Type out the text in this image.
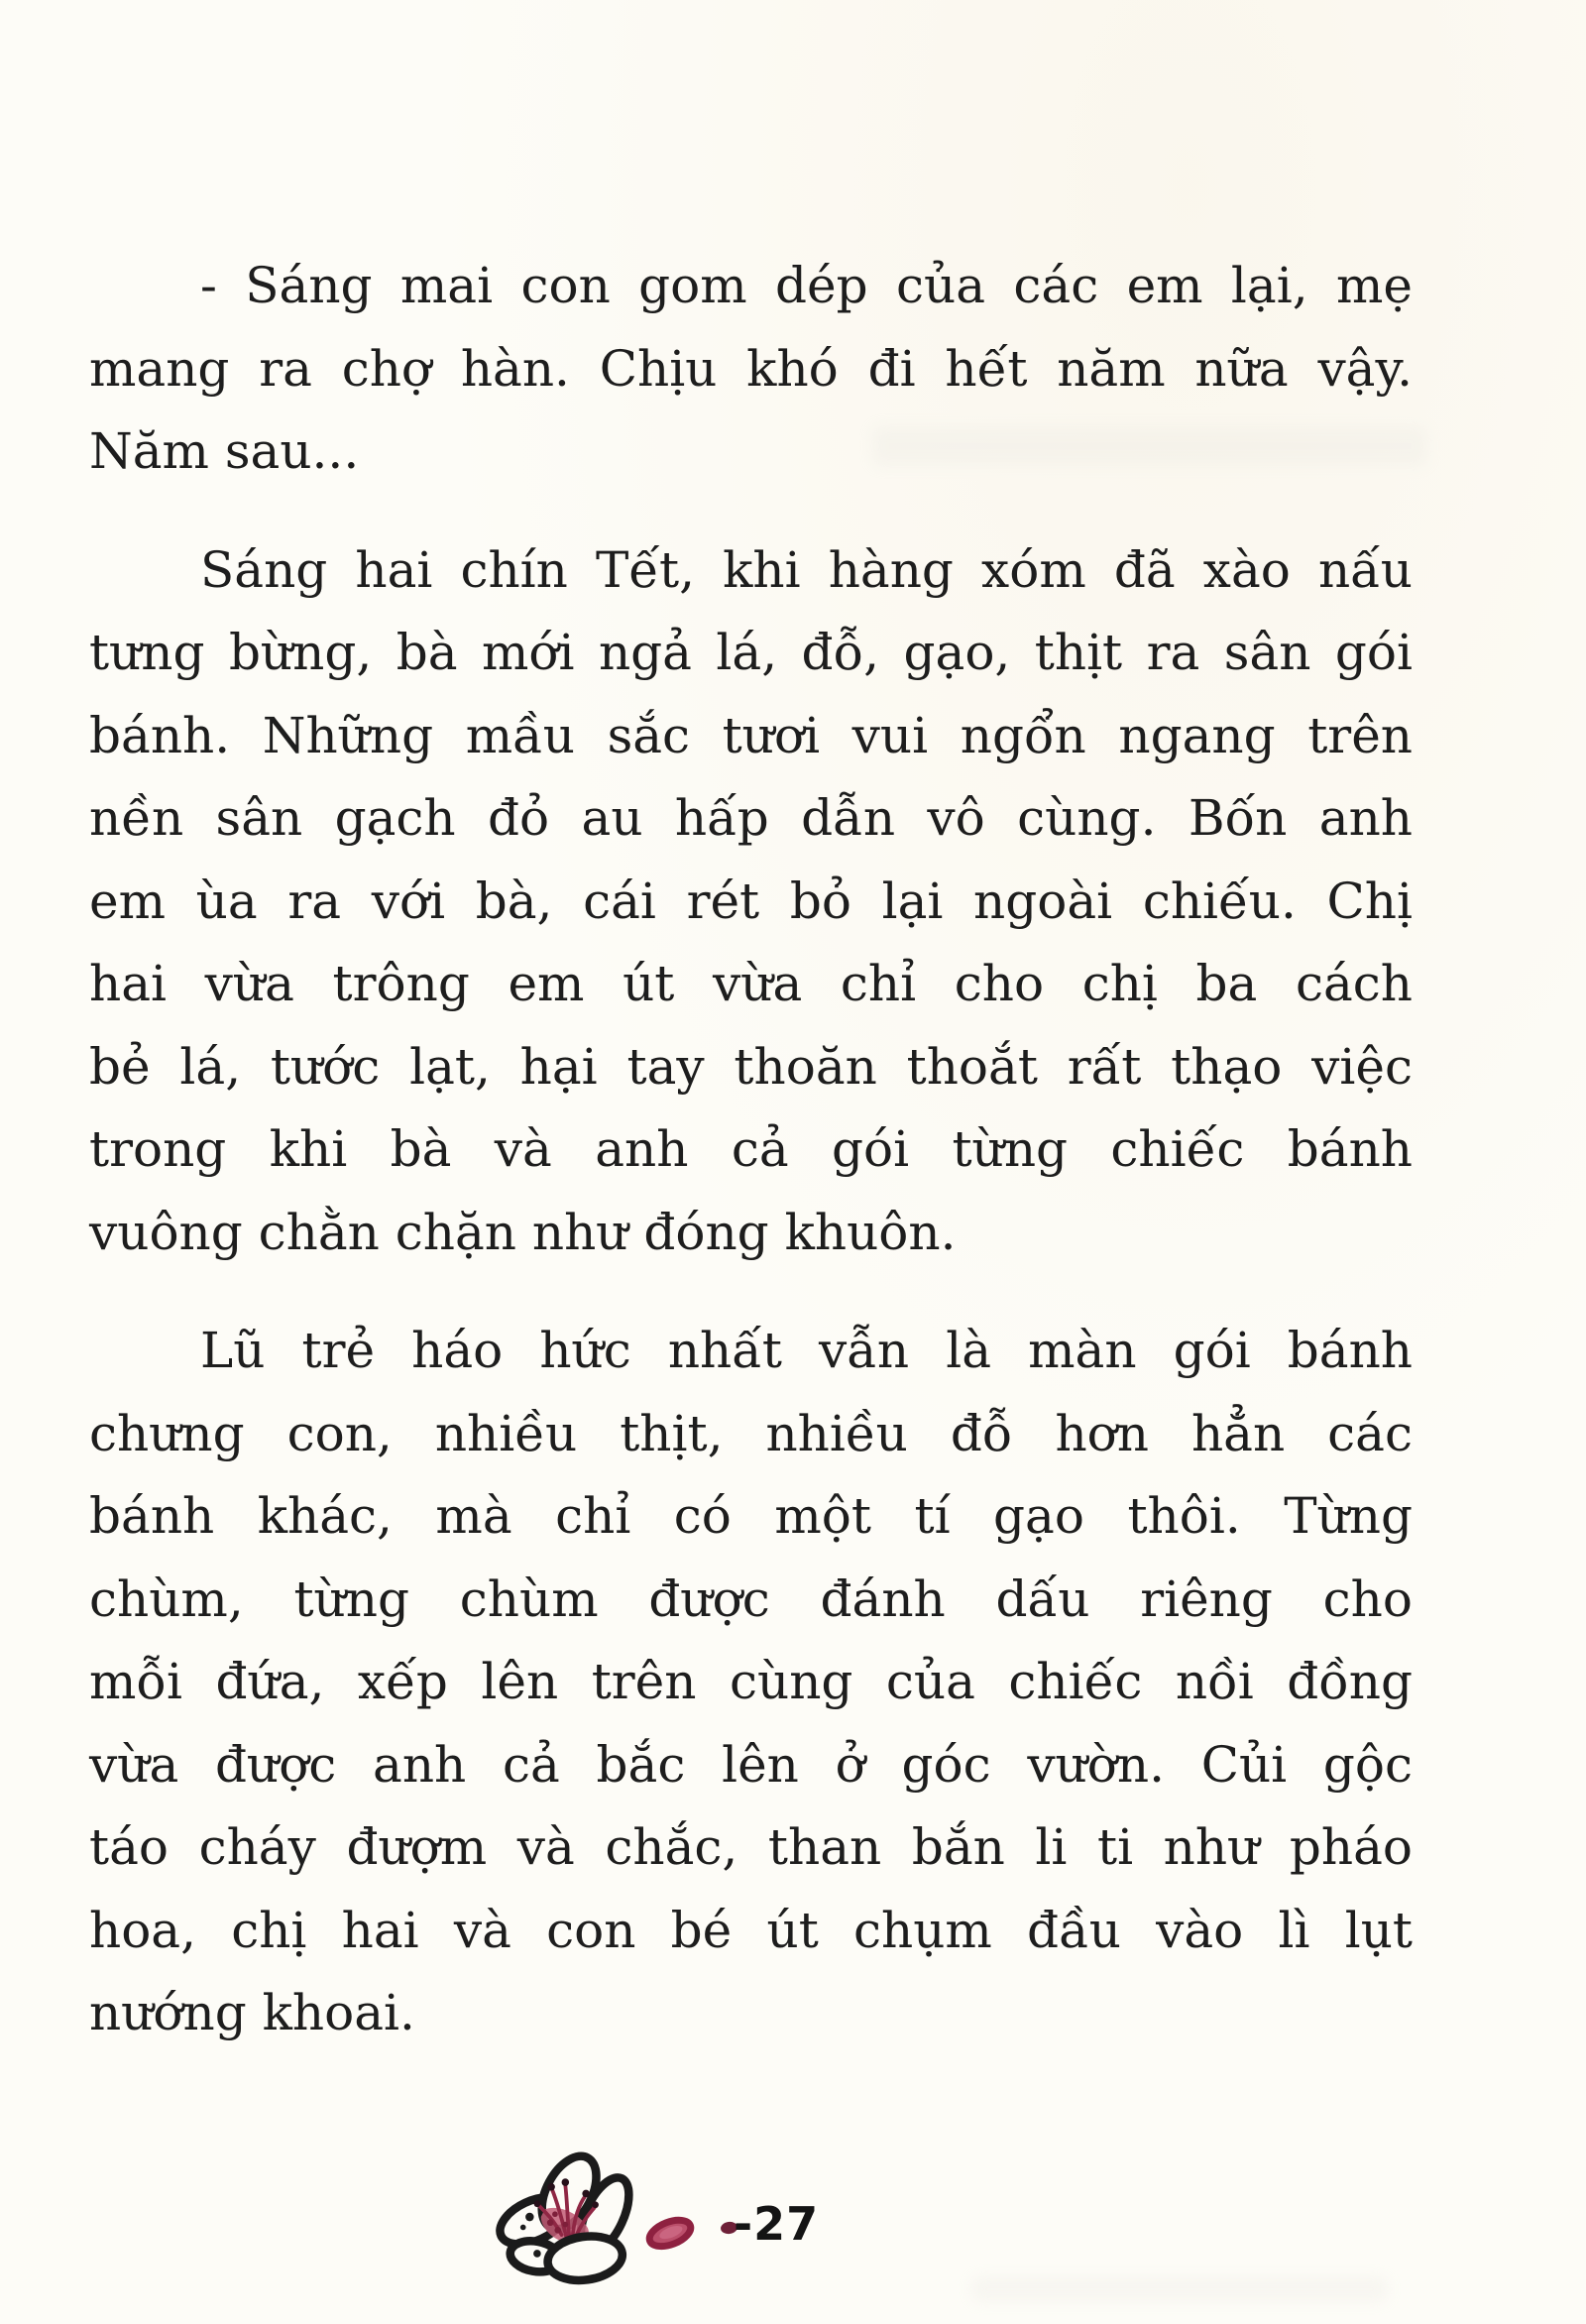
- Sáng mai con gom dép của các em lại, mẹ
mang ra chợ hàn. Chịu khó đi hết năm nữa vậy.
Năm sau...
Sáng hai chín Tết, khi hàng xóm đã xào nấu
tưng bừng, bà mới ngả lá, đỗ, gạo, thịt ra sân gói
bánh. Những mầu sắc tươi vui ngổn ngang trên
nền sân gạch đỏ au hấp dẫn vô cùng. Bốn anh
em ùa ra với bà, cái rét bỏ lại ngoài chiếu. Chị
hai vừa trông em út vừa chỉ cho chị ba cách
bẻ lá, tước lạt, hại tay thoăn thoắt rất thạo việc
trong khi bà và anh cả gói từng chiếc bánh
vuông chằn chặn như đóng khuôn.
Lũ trẻ háo hức nhất vẫn là màn gói bánh
chưng con, nhiều thịt, nhiều đỗ hơn hẳn các
bánh khác, mà chỉ có một tí gạo thôi. Từng
chùm, từng chùm được đánh dấu riêng cho
mỗi đứa, xếp lên trên cùng của chiếc nồi đồng
vừa được anh cả bắc lên ở góc vườn. Củi gộc
táo cháy đượm và chắc, than bắn li ti như pháo
hoa, chị hai và con bé út chụm đầu vào lì lụt
nướng khoai.
-27
